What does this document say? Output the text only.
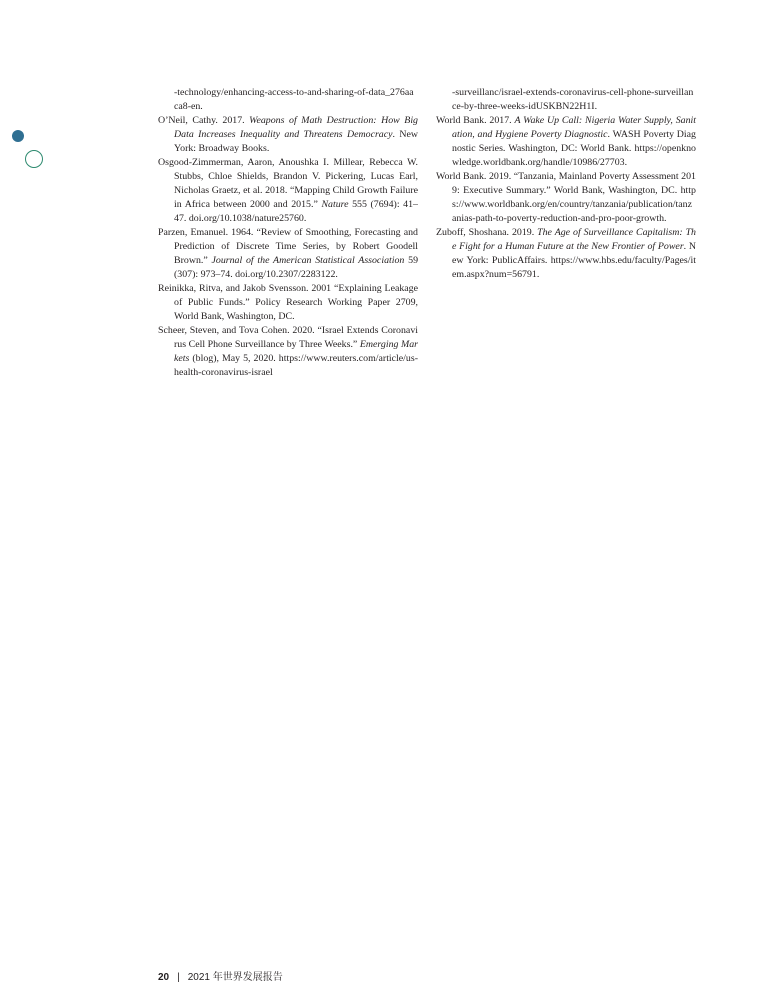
-technology/enhancing-access-to-and-sharing-of-data_276aaca8-en.

O’Neil, Cathy. 2017. Weapons of Math Destruction: How Big Data Increases Inequality and Threatens Democracy. New York: Broadway Books.

Osgood-Zimmerman, Aaron, Anoushka I. Millear, Rebecca W. Stubbs, Chloe Shields, Brandon V. Pickering, Lucas Earl, Nicholas Graetz, et al. 2018. “Mapping Child Growth Failure in Africa between 2000 and 2015.” Nature 555 (7694): 41–47. doi.org/10.1038/nature25760.

Parzen, Emanuel. 1964. “Review of Smoothing, Forecasting and Prediction of Discrete Time Series, by Robert Goodell Brown.” Journal of the American Statistical Association 59 (307): 973–74. doi.org/10.2307/2283122.

Reinikka, Ritva, and Jakob Svensson. 2001 “Explaining Leakage of Public Funds.” Policy Research Working Paper 2709, World Bank, Washington, DC.

Scheer, Steven, and Tova Cohen. 2020. “Israel Extends Coronavirus Cell Phone Surveillance by Three Weeks.” Emerging Markets (blog), May 5, 2020. https://www.reuters.com/article/us-health-coronavirus-israel

-surveillanc/israel-extends-coronavirus-cell-phone-surveillance-by-three-weeks-idUSKBN22H1I.

World Bank. 2017. A Wake Up Call: Nigeria Water Supply, Sanitation, and Hygiene Poverty Diagnostic. WASH Poverty Diagnostic Series. Washington, DC: World Bank. https://openknowledge.worldbank.org/handle/10986/27703.

World Bank. 2019. “Tanzania, Mainland Poverty Assessment 2019: Executive Summary.” World Bank, Washington, DC. https://www.worldbank.org/en/country/tanzania/publication/tanzanias-path-to-poverty-reduction-and-pro-poor-growth.

Zuboff, Shoshana. 2019. The Age of Surveillance Capitalism: The Fight for a Human Future at the New Frontier of Power. New York: PublicAffairs. https://www.hbs.edu/faculty/Pages/item.aspx?num=56791.

20 | 2021 年世界发展报告
